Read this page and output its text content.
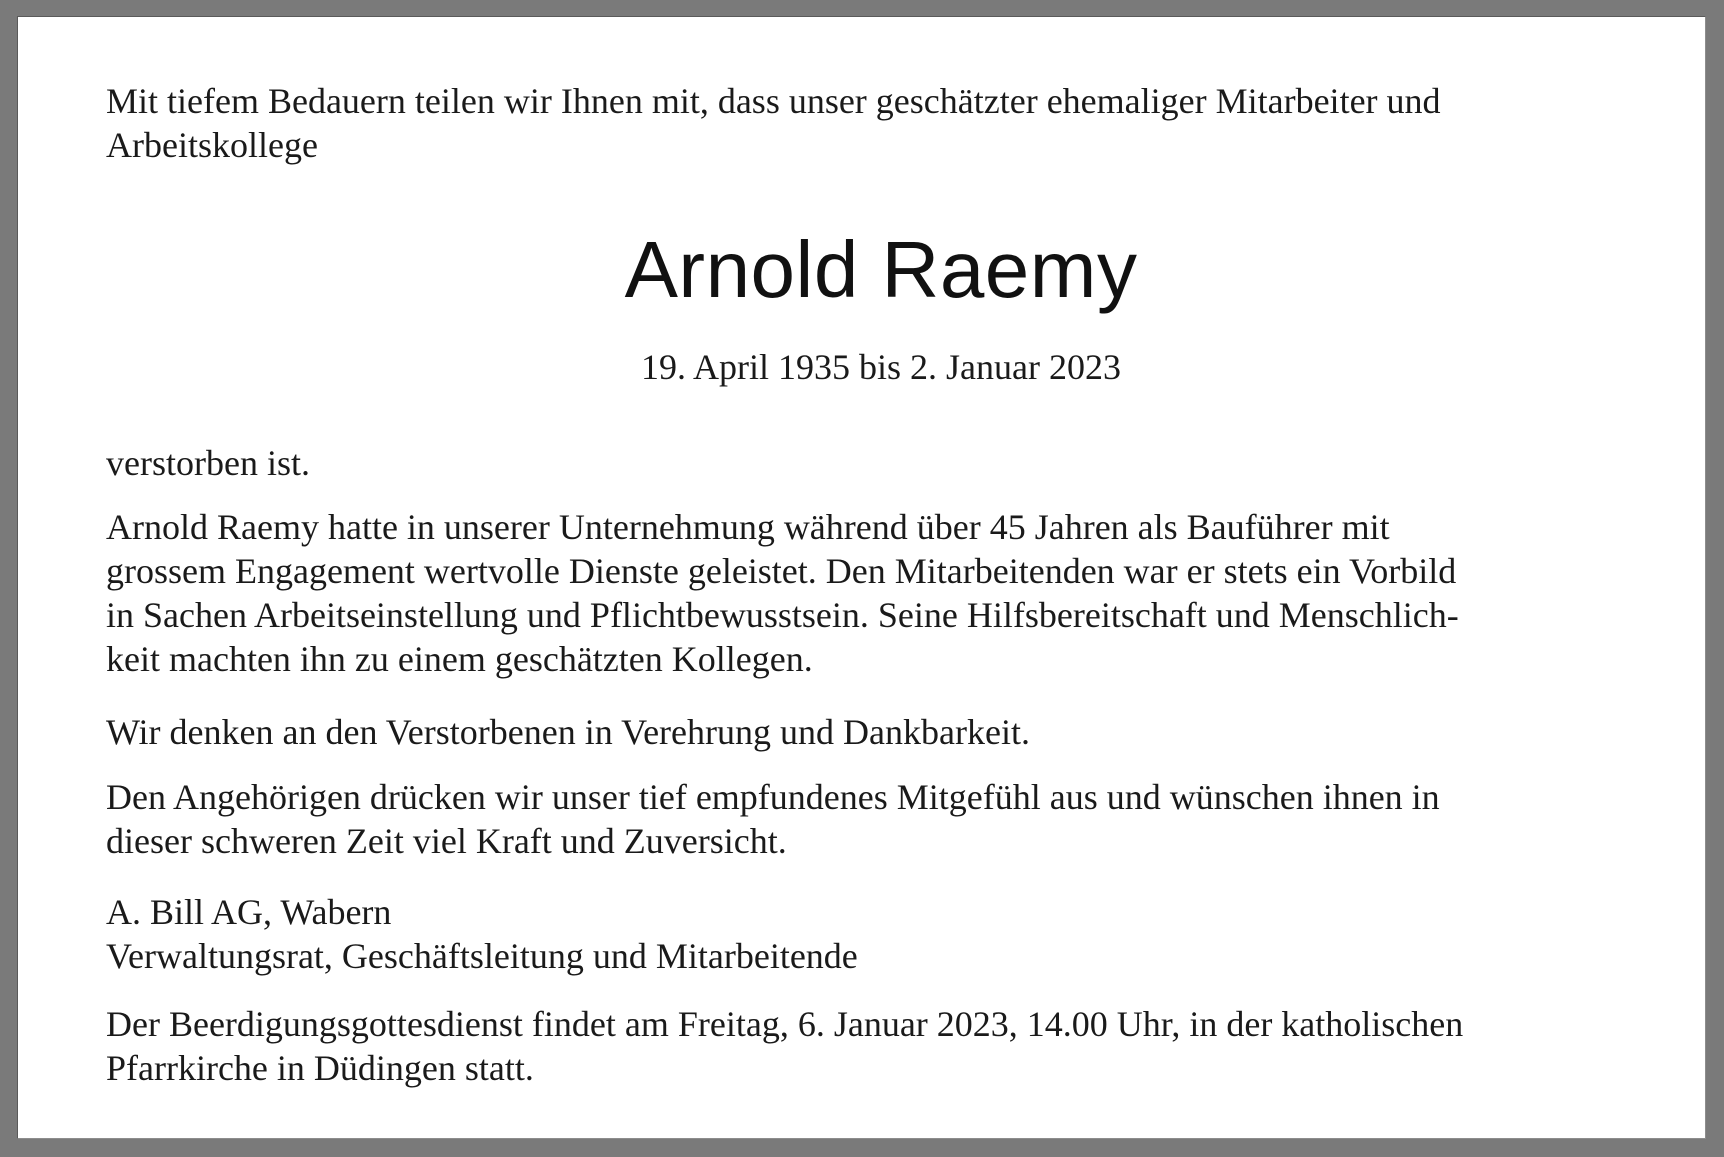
Mit tiefem Bedauern teilen wir Ihnen mit, dass unser geschätzter ehemaliger Mitarbeiter und
Arbeitskollege

Arnold Raemy
19. April 1935 bis 2. Januar 2023

verstorben ist.

Arnold Raemy hatte in unserer Unternehmung während über 45 Jahren als Bauführer mit
grossem Engagement wertvolle Dienste geleistet. Den Mitarbeitenden war er stets ein Vorbild
in Sachen Arbeitseinstellung und Pflichtbewusstsein. Seine Hilfsbereitschaft und Menschlich-
keit machten ihn zu einem geschätzten Kollegen.

Wir denken an den Verstorbenen in Verehrung und Dankbarkeit.

Den Angehörigen drücken wir unser tief empfundenes Mitgefühl aus und wünschen ihnen in
dieser schweren Zeit viel Kraft und Zuversicht.

A. Bill AG, Wabern
Verwaltungsrat, Geschäftsleitung und Mitarbeitende

Der Beerdigungsgottesdienst findet am Freitag, 6. Januar 2023, 14.00 Uhr, in der katholischen
Pfarrkirche in Düdingen statt.
